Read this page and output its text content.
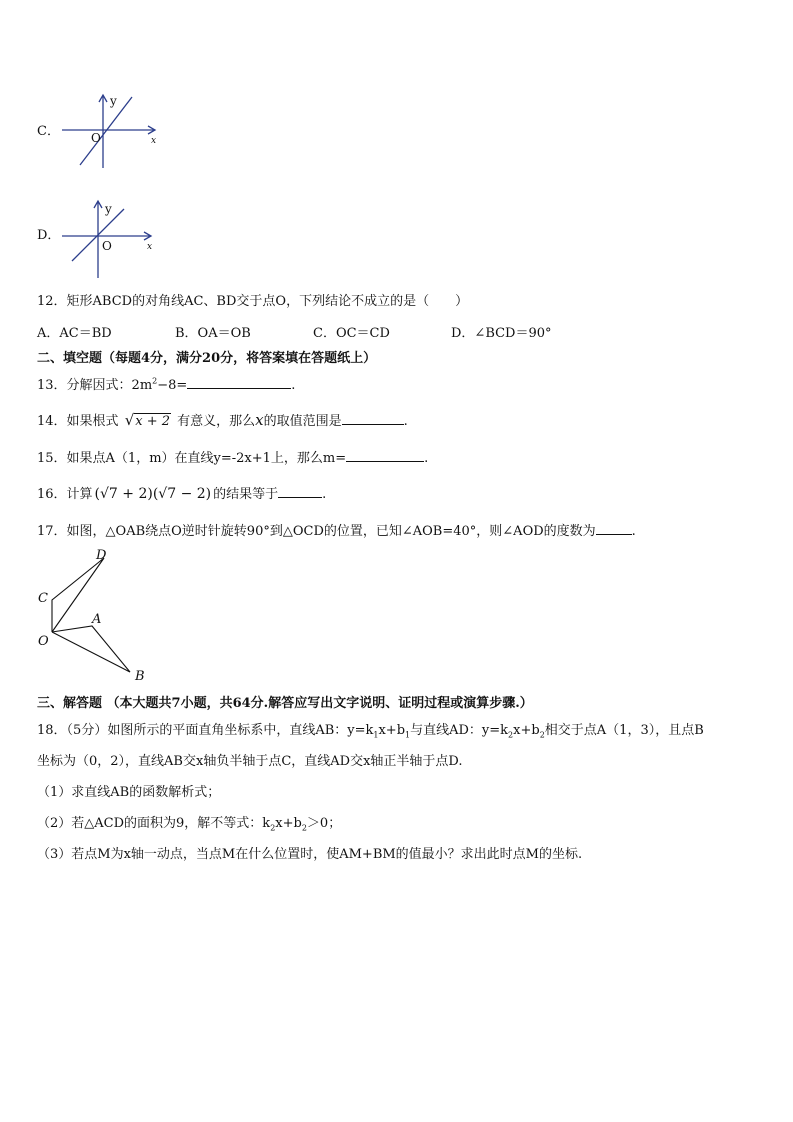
C．
y
x
O
D．
y
x
O
12．矩形ABCD的对角线AC、BD交于点O，下列结论不成立的是（　　）
A．AC＝BD	B．OA＝OB	C．OC＝CD	D．∠BCD＝90°
二、填空题（每题4分，满分20分，将答案填在答题纸上）
13．分解因式：$2m^2-8=$	.
14．如果根式 √x + 2 有意义，那么x的取值范围是	.
15．如果点A（1，m）在直线y=-2x+1上，那么m=	.
16．计算 (√7 + 2)(√7 − 2) 的结果等于	.
17．如图，△OAB绕点O逆时针旋转90°到△OCD的位置，已知∠AOB=40°，则∠AOD的度数为	.
D
C
A
O
B
三、解答题 （本大题共7小题，共64分.解答应写出文字说明、证明过程或演算步骤.）
18．（5分）如图所示的平面直角坐标系中，直线AB：$y=k_1x+b_1$与直线AD：$y=k_2x+b_2$相交于点A（1，3），且点B
坐标为（0，2），直线AB交x轴负半轴于点C，直线AD交x轴正半轴于点D.
（1）求直线AB的函数解析式；
（2）若△ACD的面积为9，解不等式：$k_2x+b_2>0$；
（3）若点M为x轴一动点，当点M在什么位置时，使AM+BM的值最小？求出此时点M的坐标.
